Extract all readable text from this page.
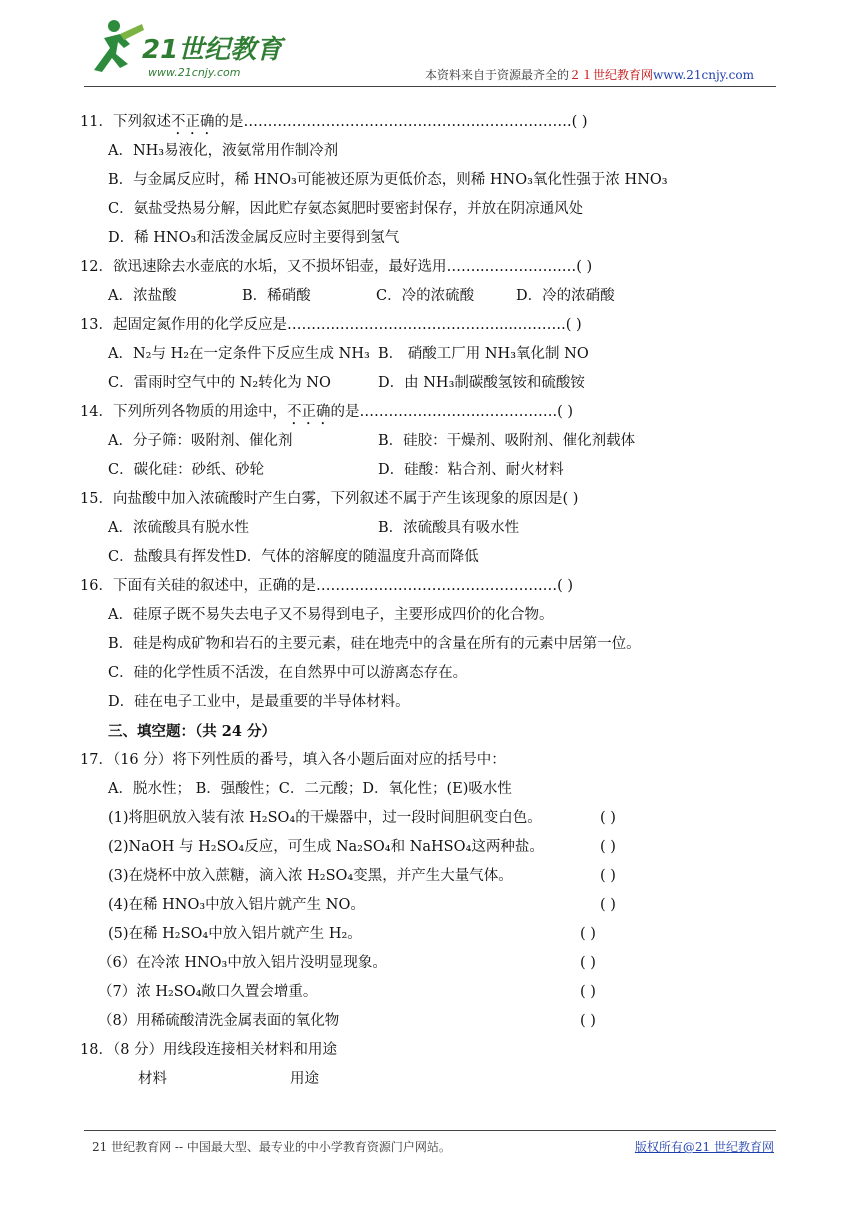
21世纪教育
www.21cnjy.com	本资料来自于资源最齐全的２１世纪教育网www.21cnjy.com
11．下列叙述不正确的是………………………………………….……………….( )
A．NH₃易液化，液氨常用作制冷剂
B．与金属反应时，稀 HNO₃可能被还原为更低价态，则稀 HNO₃氧化性强于浓 HNO₃
C．氨盐受热易分解，因此贮存氨态氮肥时要密封保存，并放在阴凉通风处
D．稀 HNO₃和活泼金属反应时主要得到氢气
12．欲迅速除去水壶底的水垢，又不损坏铝壶，最好选用……..…………….…( )
A．浓盐酸	B．稀硝酸	C．冷的浓硫酸	D．冷的浓硝酸
13．起固定氮作用的化学反应是……….…………………………….....……….( )
A．N₂与 H₂在一定条件下反应生成 NH₃ B． 硝酸工厂用 NH₃氧化制 NO
C．雷雨时空气中的 N₂转化为 NO	D．由 NH₃制碳酸氢铵和硫酸铵
14．下列所列各物质的用途中，不正确的是…………………….…………….( )
A．分子筛：吸附剂、催化剂	B．硅胶：干燥剂、吸附剂、催化剂载体
C．碳化硅：砂纸、砂轮	D．硅酸：粘合剂、耐火材料
15．向盐酸中加入浓硫酸时产生白雾，下列叙述不属于产生该现象的原因是( )
A．浓硫酸具有脱水性	B．浓硫酸具有吸水性
C．盐酸具有挥发性D．气体的溶解度的随温度升高而降低
16．下面有关硅的叙述中，正确的是……….……………………………….…( )
A．硅原子既不易失去电子又不易得到电子，主要形成四价的化合物。
B．硅是构成矿物和岩石的主要元素，硅在地壳中的含量在所有的元素中居第一位。
C．硅的化学性质不活泼，在自然界中可以游离态存在。
D．硅在电子工业中，是最重要的半导体材料。
三、填空题：（共 24 分）
17．（16 分）将下列性质的番号，填入各小题后面对应的括号中：
A．脱水性； B．强酸性；C．二元酸；D．氧化性；(E)吸水性
(1)将胆矾放入装有浓 H₂SO₄的干燥器中，过一段时间胆矾变白色。	( )
(2)NaOH 与 H₂SO₄反应，可生成 Na₂SO₄和 NaHSO₄这两种盐。	( )
(3)在烧杯中放入蔗糖，滴入浓 H₂SO₄变黑，并产生大量气体。	( )
(4)在稀 HNO₃中放入铝片就产生 NO。	( )
(5)在稀 H₂SO₄中放入铝片就产生 H₂。	( )
（6）在冷浓 HNO₃中放入铝片没明显现象。	( )
（7）浓 H₂SO₄敞口久置会增重。	( )
（8）用稀硫酸清洗金属表面的氧化物	( )
18．（8 分）用线段连接相关材料和用途
材料	用途
21 世纪教育网 -- 中国最大型、最专业的中小学教育资源门户网站。	版权所有@21 世纪教育网
